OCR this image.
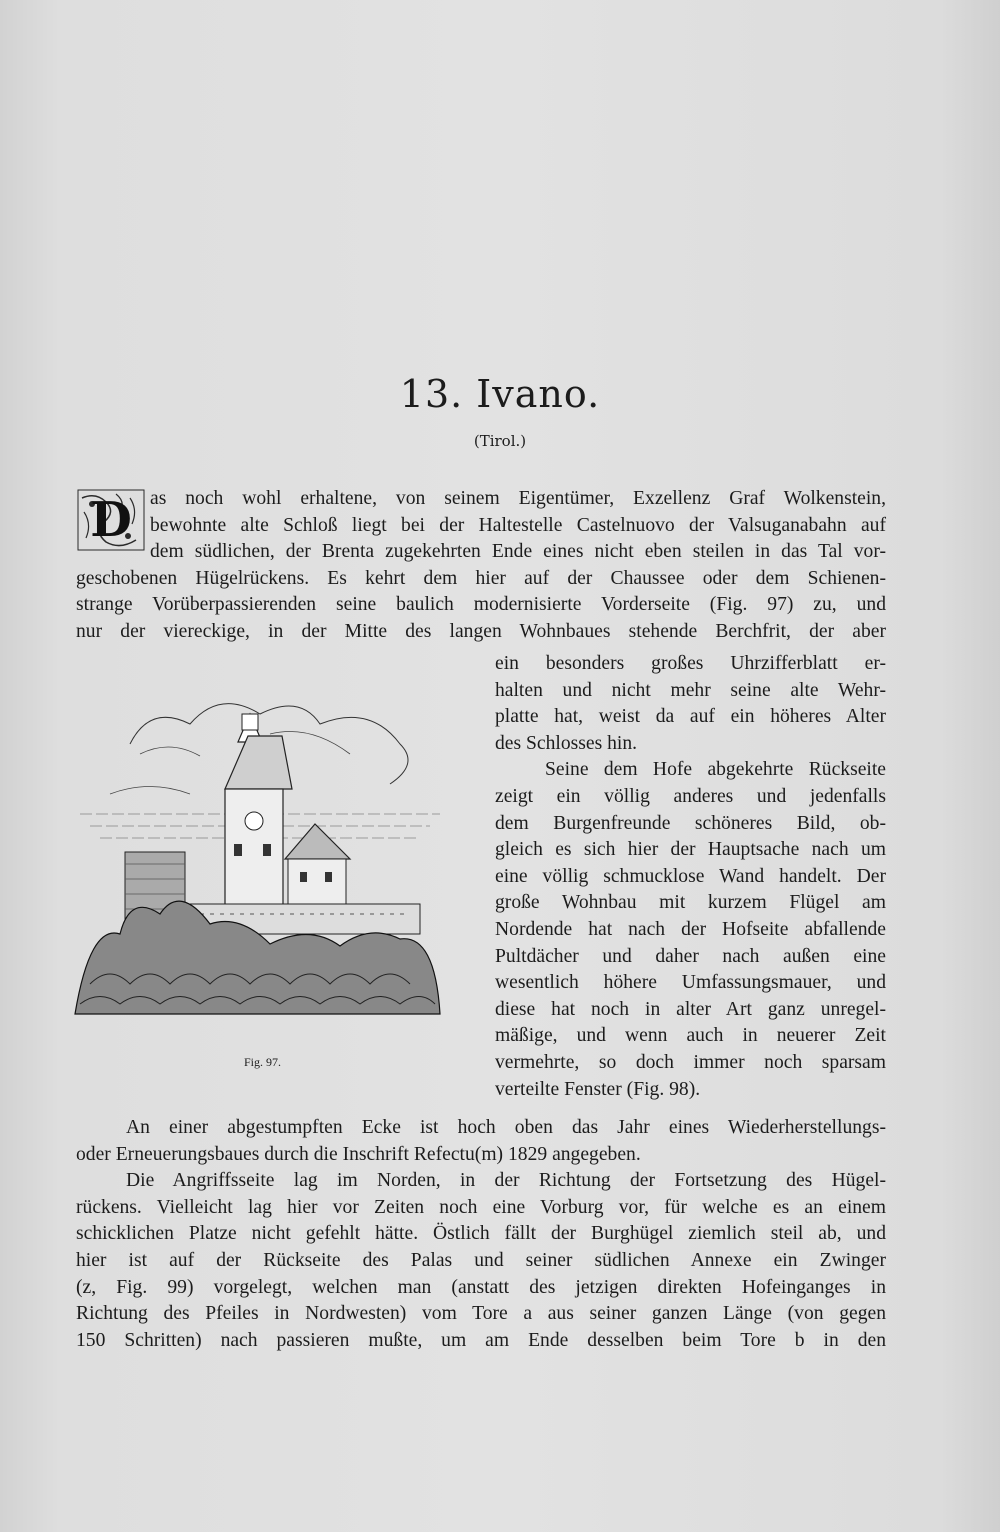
13. Ivano.
(Tirol.)
D as noch wohl erhaltene, von seinem Eigentümer, Exzellenz Graf Wolkenstein,
bewohnte alte Schloß liegt bei der Haltestelle Castelnuovo der Valsuganabahn auf
dem südlichen, der Brenta zugekehrten Ende eines nicht eben steilen in das Tal vor-
geschobenen Hügelrückens. Es kehrt dem hier auf der Chaussee oder dem Schienen-
strange Vorüberpassierenden seine baulich modernisierte Vorderseite (Fig. 97) zu, und
nur der viereckige, in der Mitte des langen Wohnbaues stehende Berchfrit, der aber
ein besonders großes Uhrzifferblatt er-
halten und nicht mehr seine alte Wehr-
platte hat, weist da auf ein höheres Alter
des Schlosses hin.
Seine dem Hofe abgekehrte Rückseite
zeigt ein völlig anderes und jedenfalls
dem Burgenfreunde schöneres Bild, ob-
gleich es sich hier der Hauptsache nach um
eine völlig schmucklose Wand handelt. Der
große Wohnbau mit kurzem Flügel am
Nordende hat nach der Hofseite abfallende
Pultdächer und daher nach außen eine
wesentlich höhere Umfassungsmauer, und
diese hat noch in alter Art ganz unregel-
mäßige, und wenn auch in neuerer Zeit
vermehrte, so doch immer noch sparsam
verteilte Fenster (Fig. 98).
Fig. 97.
An einer abgestumpften Ecke ist hoch oben das Jahr eines Wiederherstellungs-
oder Erneuerungsbaues durch die Inschrift Refectu(m) 1829 angegeben.
Die Angriffsseite lag im Norden, in der Richtung der Fortsetzung des Hügel-
rückens. Vielleicht lag hier vor Zeiten noch eine Vorburg vor, für welche es an einem
schicklichen Platze nicht gefehlt hätte. Östlich fällt der Burghügel ziemlich steil ab, und
hier ist auf der Rückseite des Palas und seiner südlichen Annexe ein Zwinger
(z, Fig. 99) vorgelegt, welchen man (anstatt des jetzigen direkten Hofeinganges in
Richtung des Pfeiles in Nordwesten) vom Tore a aus seiner ganzen Länge (von gegen
150 Schritten) nach passieren mußte, um am Ende desselben beim Tore b in den
